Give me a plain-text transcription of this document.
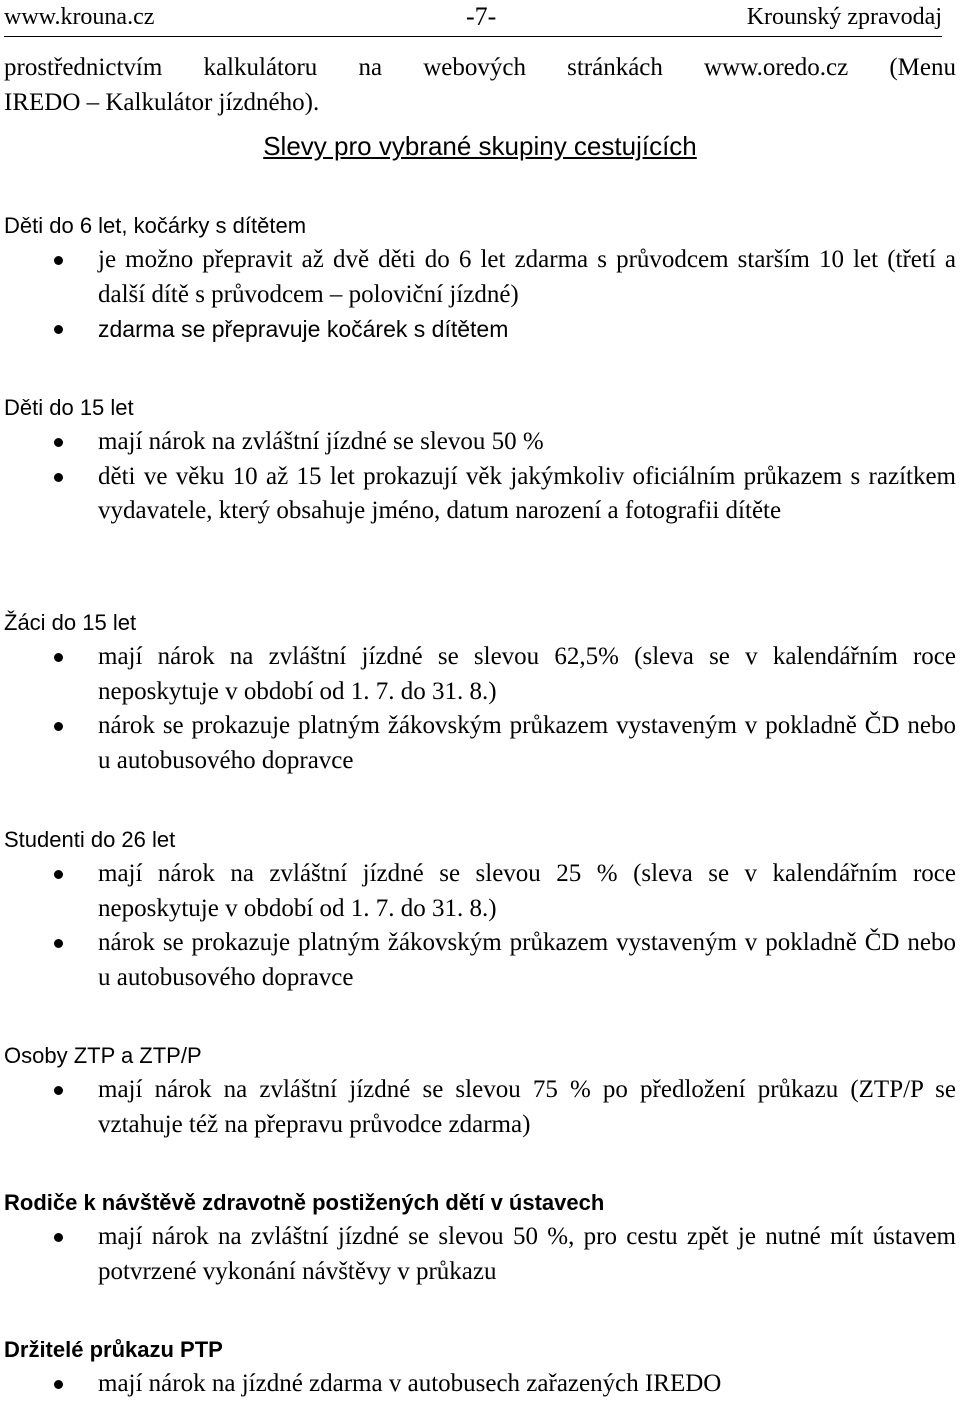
www.krouna.cz	-7-	Krounský zpravodaj
prostřednictvím kalkulátoru na webových stránkách www.oredo.cz (Menu
IREDO – Kalkulátor jízdného).
Slevy pro vybrané skupiny cestujících
Děti do 6 let, kočárky s dítětem
je možno přepravit až dvě děti do 6 let zdarma s průvodcem starším 10 let (třetí a další dítě s průvodcem – poloviční jízdné)
zdarma se přepravuje kočárek s dítětem
Děti do 15 let
mají nárok na zvláštní jízdné se slevou 50 %
děti ve věku 10 až 15 let prokazují věk jakýmkoliv oficiálním průkazem s razítkem vydavatele, který obsahuje jméno, datum narození a fotografii dítěte
Žáci do 15 let
mají nárok na zvláštní jízdné se slevou 62,5% (sleva se v kalendářním roce neposkytuje v období od 1. 7. do 31. 8.)
nárok se prokazuje platným žákovským průkazem vystaveným v pokladně ČD nebo u autobusového dopravce
Studenti do 26 let
mají nárok na zvláštní jízdné se slevou 25 % (sleva se v kalendářním roce neposkytuje v období od 1. 7. do 31. 8.)
nárok se prokazuje platným žákovským průkazem vystaveným v pokladně ČD nebo u autobusového dopravce
Osoby ZTP a ZTP/P
mají nárok na zvláštní jízdné se slevou 75 % po předložení průkazu (ZTP/P se vztahuje též na přepravu průvodce zdarma)
Rodiče k návštěvě zdravotně postižených dětí v ústavech
mají nárok na zvláštní jízdné se slevou 50 %, pro cestu zpět je nutné mít ústavem potvrzené vykonání návštěvy v průkazu
Držitelé průkazu PTP
mají nárok na jízdné zdarma v autobusech zařazených IREDO
